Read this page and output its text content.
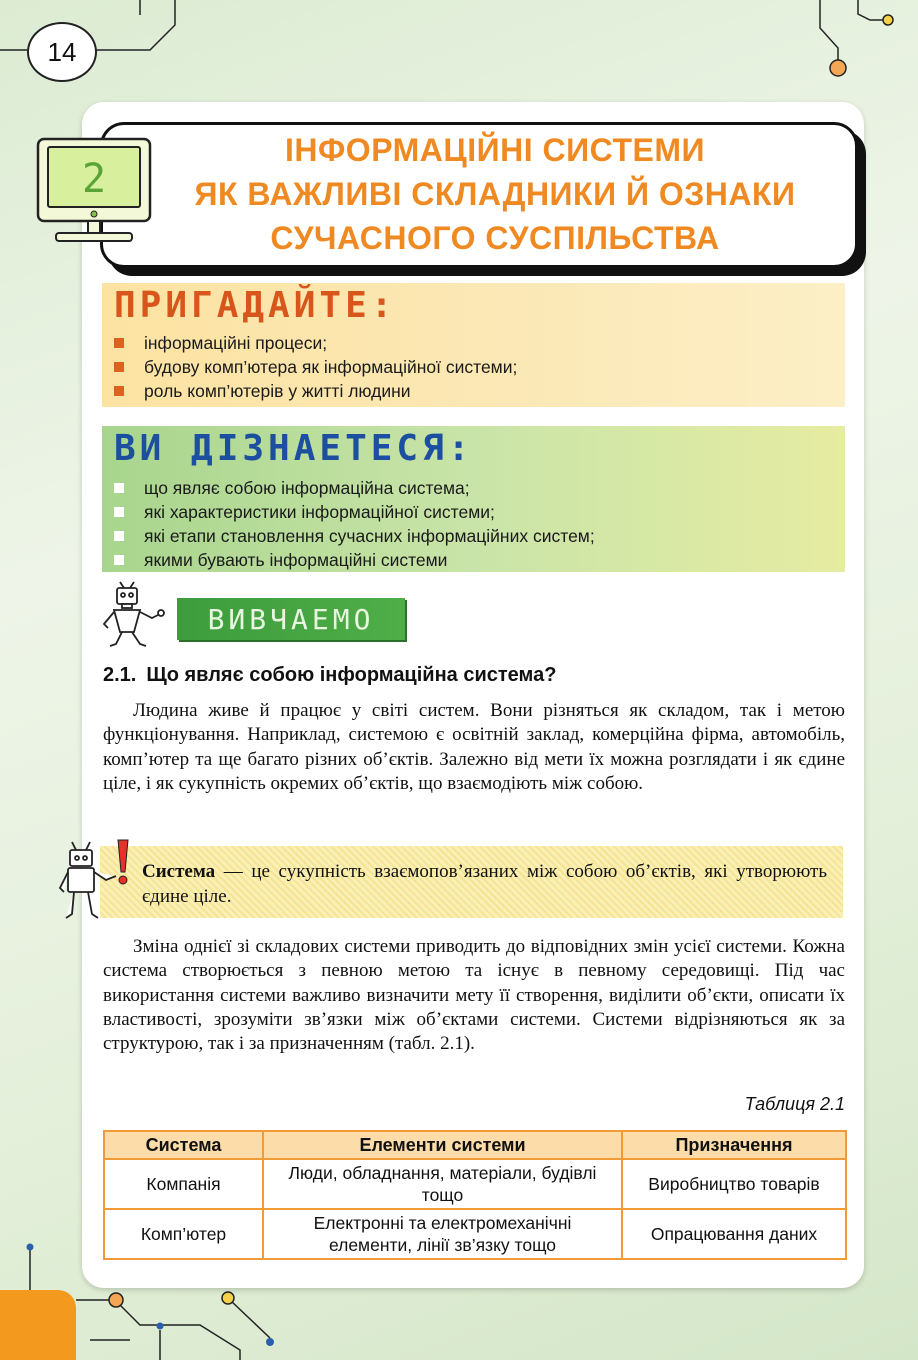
14
ІНФОРМАЦІЙНІ СИСТЕМИ
ЯК ВАЖЛИВІ СКЛАДНИКИ Й ОЗНАКИ
СУЧАСНОГО СУСПІЛЬСТВА
2
ПРИГАДАЙТЕ:
інформаційні процеси;
будову комп’ютера як інформаційної системи;
роль комп’ютерів у житті людини
ВИ ДІЗНАЕТЕСЯ:
що являє собою інформаційна система;
які характеристики інформаційної системи;
які етапи становлення сучасних інформаційних систем;
якими бувають інформаційні системи
ВИВЧАЕМО
2.1. Що являє собою інформаційна система?

Людина живе й працює у світі систем. Вони різняться як складом, так і метою функціонування. Наприклад, системою є освітній заклад, комерційна фірма, автомобіль, комп’ютер та ще багато різних об’єктів. Залежно від мети їх можна розглядати і як єдине ціле, і як сукупність окремих об’єктів, що взаємодіють між собою.

Система — це сукупність взаємопов’язаних між собою об’єктів, які утворюють єдине ціле.

Зміна однієї зі складових системи приводить до відповідних змін усієї системи. Кожна система створюється з певною метою та існує в певному середовищі. Під час використання системи важливо визначити мету її створення, виділити об’єкти, описати їх властивості, зрозуміти зв’язки між об’єктами системи. Системи відрізняються як за структурою, так і за призначенням (табл. 2.1).

Таблиця 2.1
Система	Елементи системи	Призначення
Компанія	Люди, обладнання, матеріали, будівлі тощо	Виробництво товарів
Комп’ютер	Електронні та електромеханічні елементи, лінії зв’язку тощо	Опрацювання даних
